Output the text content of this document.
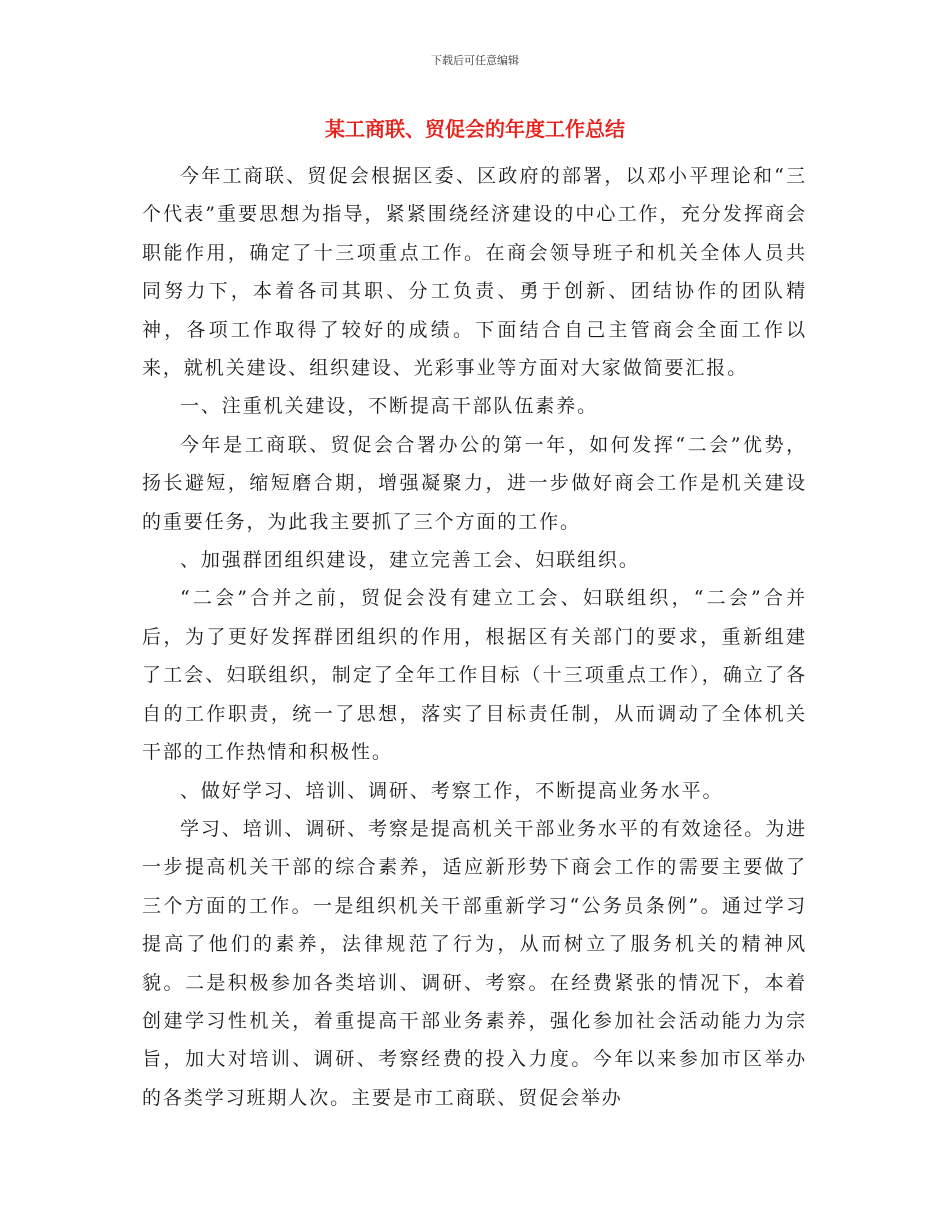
下载后可任意编辑
某工商联、贸促会的年度工作总结

今年工商联、贸促会根据区委、区政府的部署，以邓小平理论和“三个代表”重要思想为指导，紧紧围绕经济建设的中心工作，充分发挥商会职能作用，确定了十三项重点工作。在商会领导班子和机关全体人员共同努力下，本着各司其职、分工负责、勇于创新、团结协作的团队精神，各项工作取得了较好的成绩。下面结合自己主管商会全面工作以来，就机关建设、组织建设、光彩事业等方面对大家做简要汇报。

一、注重机关建设，不断提高干部队伍素养。

今年是工商联、贸促会合署办公的第一年，如何发挥“二会”优势，扬长避短，缩短磨合期，增强凝聚力，进一步做好商会工作是机关建设的重要任务，为此我主要抓了三个方面的工作。

、加强群团组织建设，建立完善工会、妇联组织。

“二会”合并之前，贸促会没有建立工会、妇联组织，“二会”合并后，为了更好发挥群团组织的作用，根据区有关部门的要求，重新组建了工会、妇联组织，制定了全年工作目标（十三项重点工作），确立了各自的工作职责，统一了思想，落实了目标责任制，从而调动了全体机关干部的工作热情和积极性。

、做好学习、培训、调研、考察工作，不断提高业务水平。

学习、培训、调研、考察是提高机关干部业务水平的有效途径。为进一步提高机关干部的综合素养，适应新形势下商会工作的需要主要做了三个方面的工作。一是组织机关干部重新学习“公务员条例”。通过学习提高了他们的素养，法律规范了行为，从而树立了服务机关的精神风貌。二是积极参加各类培训、调研、考察。在经费紧张的情况下，本着创建学习性机关，着重提高干部业务素养，强化参加社会活动能力为宗旨，加大对培训、调研、考察经费的投入力度。今年以来参加市区举办的各类学习班期人次。主要是市工商联、贸促会举办
